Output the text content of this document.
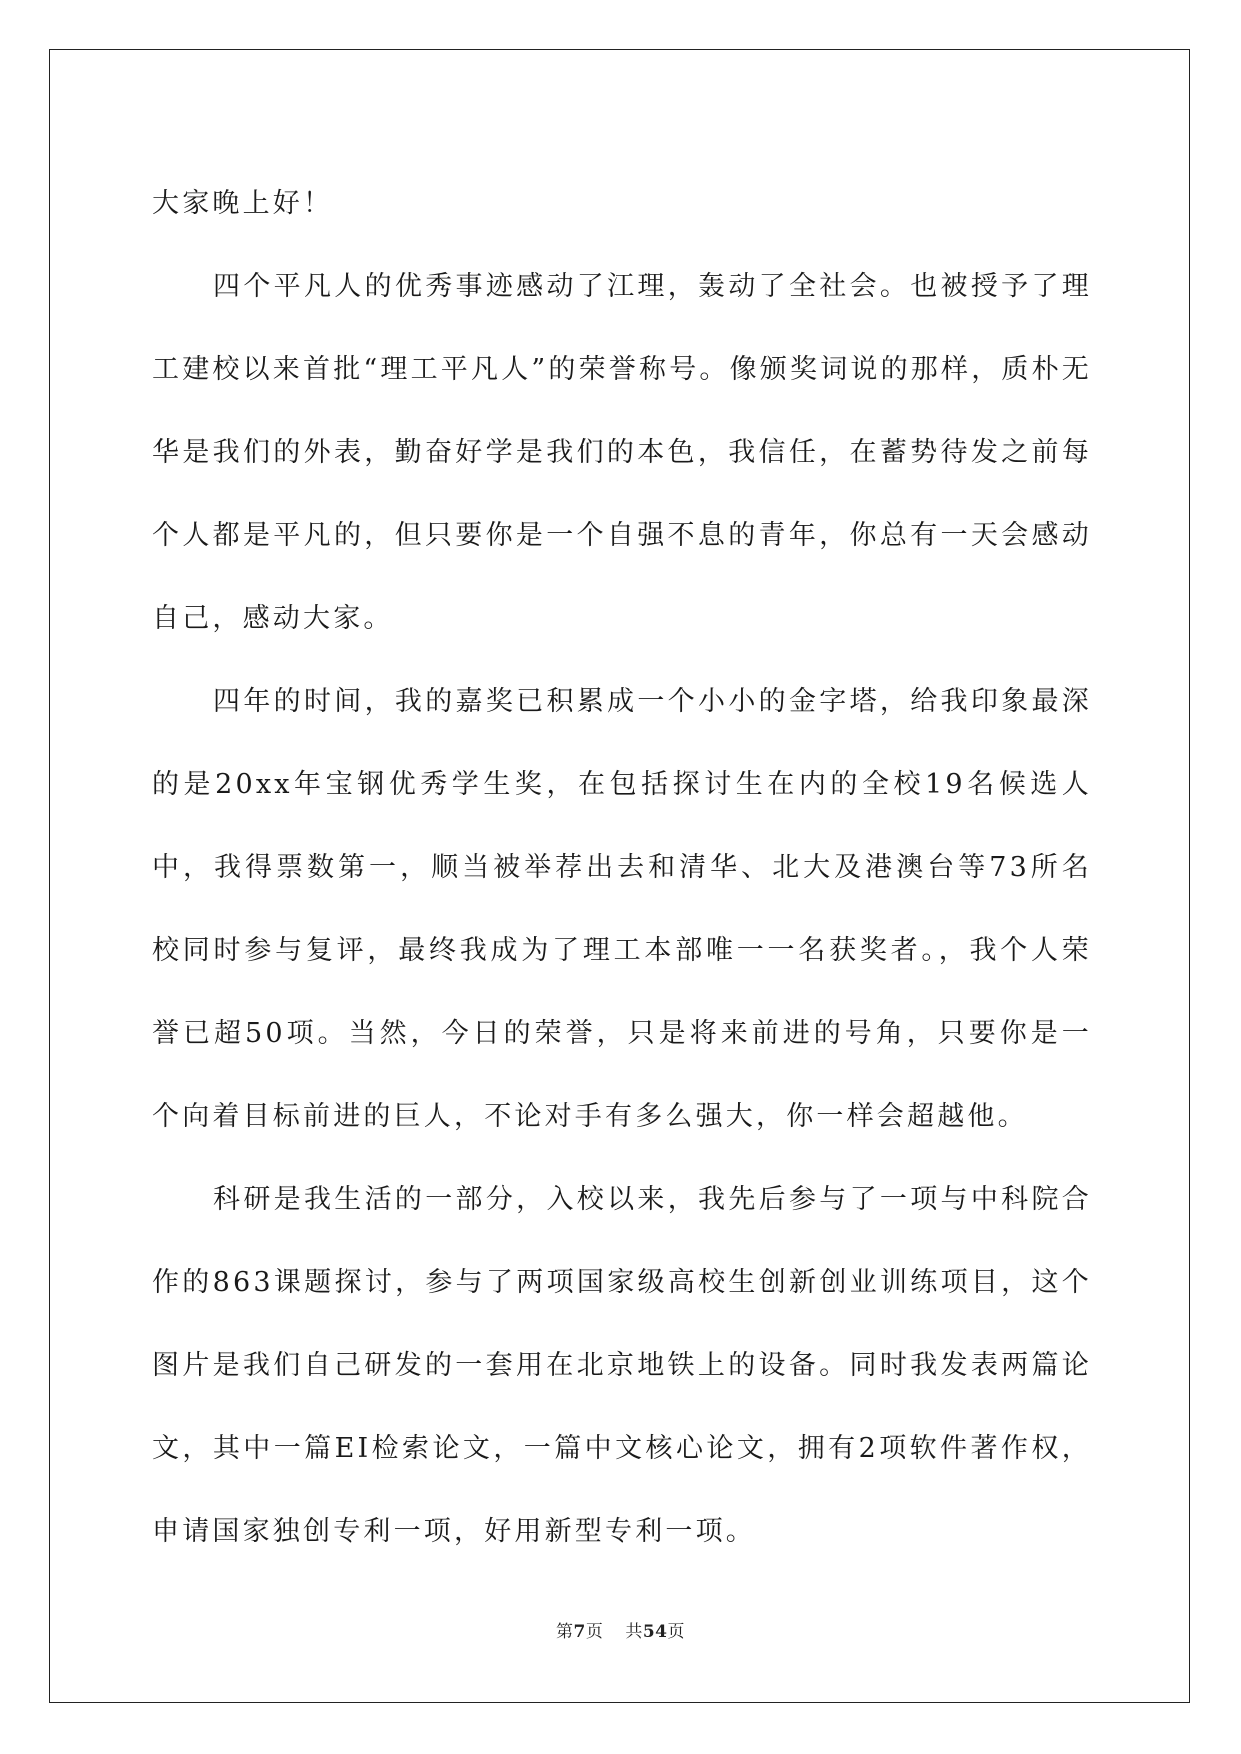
大家晚上好！

四个平凡人的优秀事迹感动了江理，轰动了全社会。也被授予了理工建校以来首批“理工平凡人”的荣誉称号。像颁奖词说的那样，质朴无华是我们的外表，勤奋好学是我们的本色，我信任，在蓄势待发之前每个人都是平凡的，但只要你是一个自强不息的青年，你总有一天会感动自己，感动大家。

四年的时间，我的嘉奖已积累成一个小小的金字塔，给我印象最深的是20xx年宝钢优秀学生奖，在包括探讨生在内的全校19名候选人中，我得票数第一，顺当被举荐出去和清华、北大及港澳台等73所名校同时参与复评，最终我成为了理工本部唯一一名获奖者。，我个人荣誉已超50项。当然，今日的荣誉，只是将来前进的号角，只要你是一个向着目标前进的巨人，不论对手有多么强大，你一样会超越他。

科研是我生活的一部分，入校以来，我先后参与了一项与中科院合作的863课题探讨，参与了两项国家级高校生创新创业训练项目，这个图片是我们自己研发的一套用在北京地铁上的设备。同时我发表两篇论文，其中一篇EI检索论文，一篇中文核心论文，拥有2项软件著作权，申请国家独创专利一项，好用新型专利一项。

第7页 共54页
